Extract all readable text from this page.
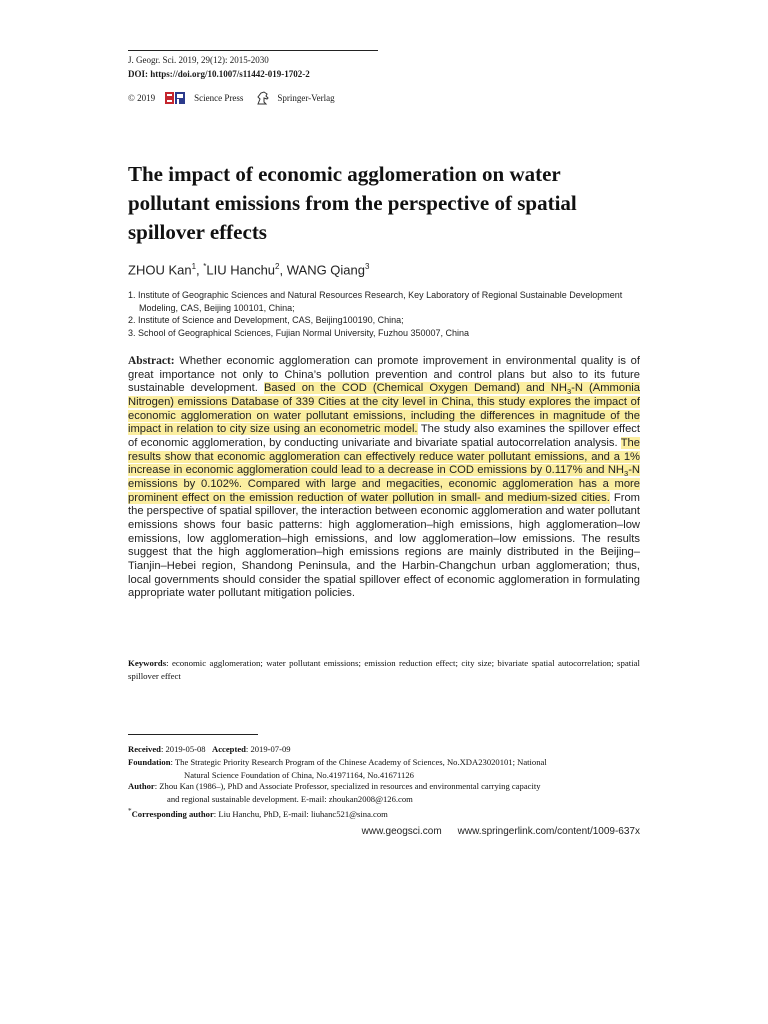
J. Geogr. Sci. 2019, 29(12): 2015-2030
DOI: https://doi.org/10.1007/s11442-019-1702-2
© 2019	Science Press	Springer-Verlag
The impact of economic agglomeration on water pollutant emissions from the perspective of spatial spillover effects
ZHOU Kan$^1$, *LIU Hanchu$^2$, WANG Qiang$^3$
1. Institute of Geographic Sciences and Natural Resources Research, Key Laboratory of Regional Sustainable Development Modeling, CAS, Beijing 100101, China;
2. Institute of Science and Development, CAS, Beijing100190, China;
3. School of Geographical Sciences, Fujian Normal University, Fuzhou 350007, China
Abstract: Whether economic agglomeration can promote improvement in environmental quality is of great importance not only to China’s pollution prevention and control plans but also to its future sustainable development. Based on the COD (Chemical Oxygen Demand) and $NH_3-N$ (Ammonia Nitrogen) emissions Database of 339 Cities at the city level in China, this study explores the impact of economic agglomeration on water pollutant emissions, including the differences in magnitude of the impact in relation to city size using an econometric model. The study also examines the spillover effect of economic agglomeration, by conducting univariate and bivariate spatial autocorrelation analysis. The results show that economic agglomeration can effectively reduce water pollutant emissions, and a 1% increase in economic agglomeration could lead to a decrease in COD emissions by 0.117% and $NH_3-N$ emissions by 0.102%. Compared with large and megacities, economic agglomeration has a more prominent effect on the emission reduction of water pollution in small- and medium-sized cities. From the perspective of spatial spillover, the interaction between economic agglomeration and water pollutant emissions shows four basic patterns: high agglomeration–high emissions, high agglomeration–low emissions, low agglomeration–high emissions, and low agglomeration–low emissions. The results suggest that the high agglomeration–high emissions regions are mainly distributed in the Beijing–Tianjin–Hebei region, Shandong Peninsula, and the Harbin-Changchun urban agglomeration; thus, local governments should consider the spatial spillover effect of economic agglomeration in formulating appropriate water pollutant mitigation policies.
Keywords: economic agglomeration; water pollutant emissions; emission reduction effect; city size; bivariate spatial autocorrelation; spatial spillover effect
Received: 2019-05-08 Accepted: 2019-07-09
Foundation: The Strategic Priority Research Program of the Chinese Academy of Sciences, No.XDA23020101; National
Natural Science Foundation of China, No.41971164, No.41671126
Author: Zhou Kan (1986–), PhD and Associate Professor, specialized in resources and environmental carrying capacity
and regional sustainable development. E-mail: zhoukan2008@126.com
*Corresponding author: Liu Hanchu, PhD, E-mail: liuhanc521@sina.com
www.geogsci.com www.springerlink.com/content/1009-637x
